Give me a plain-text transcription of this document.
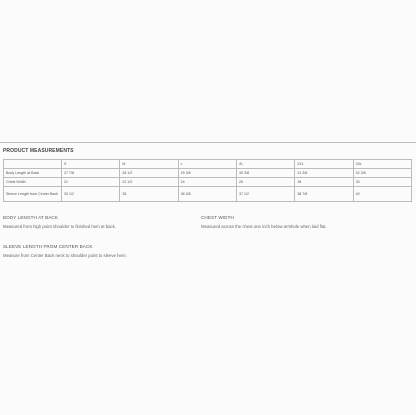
PRODUCT MEASUREMENTS
	S	M	L	XL	2XL	3XL
Body Length at Back	27 7/8	28 1/2	29 3/8	30 3/8	31 3/8	32 3/8
Chest Width	21	22 1/2	24	26	28	30
Sleeve Length from Center Back	33 1/2	35	36 3/8	37 1/2	38 7/8	40

BODY LENGTH AT BACK

Measured from high point shoulder to finished hem at back.

CHEST WIDTH

Measured across the chest one inch below armhole when laid flat.

SLEEVE LENGTH FROM CENTER BACK

Measure from Center Back neck to shoulder point to sleeve hem.
